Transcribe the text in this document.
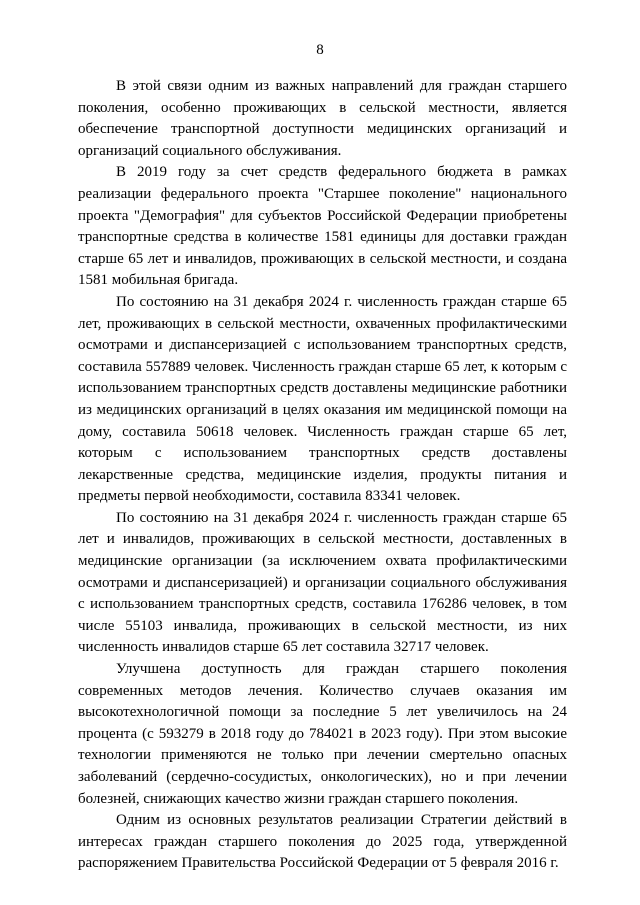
8

В этой связи одним из важных направлений для граждан старшего поколения, особенно проживающих в сельской местности, является обеспечение транспортной доступности медицинских организаций и организаций социального обслуживания.

В 2019 году за счет средств федерального бюджета в рамках реализации федерального проекта "Старшее поколение" национального проекта "Демография" для субъектов Российской Федерации приобретены транспортные средства в количестве 1581 единицы для доставки граждан старше 65 лет и инвалидов, проживающих в сельской местности, и создана 1581 мобильная бригада.

По состоянию на 31 декабря 2024 г. численность граждан старше 65 лет, проживающих в сельской местности, охваченных профилактическими осмотрами и диспансеризацией с использованием транспортных средств, составила 557889 человек. Численность граждан старше 65 лет, к которым с использованием транспортных средств доставлены медицинские работники из медицинских организаций в целях оказания им медицинской помощи на дому, составила 50618 человек. Численность граждан старше 65 лет, которым с использованием транспортных средств доставлены лекарственные средства, медицинские изделия, продукты питания и предметы первой необходимости, составила 83341 человек.

По состоянию на 31 декабря 2024 г. численность граждан старше 65 лет и инвалидов, проживающих в сельской местности, доставленных в медицинские организации (за исключением охвата профилактическими осмотрами и диспансеризацией) и организации социального обслуживания с использованием транспортных средств, составила 176286 человек, в том числе 55103 инвалида, проживающих в сельской местности, из них численность инвалидов старше 65 лет составила 32717 человек.

Улучшена доступность для граждан старшего поколения современных методов лечения. Количество случаев оказания им высокотехнологичной помощи за последние 5 лет увеличилось на 24 процента (с 593279 в 2018 году до 784021 в 2023 году). При этом высокие технологии применяются не только при лечении смертельно опасных заболеваний (сердечно-сосудистых, онкологических), но и при лечении болезней, снижающих качество жизни граждан старшего поколения.

Одним из основных результатов реализации Стратегии действий в интересах граждан старшего поколения до 2025 года, утвержденной распоряжением Правительства Российской Федерации от 5 февраля 2016 г.
